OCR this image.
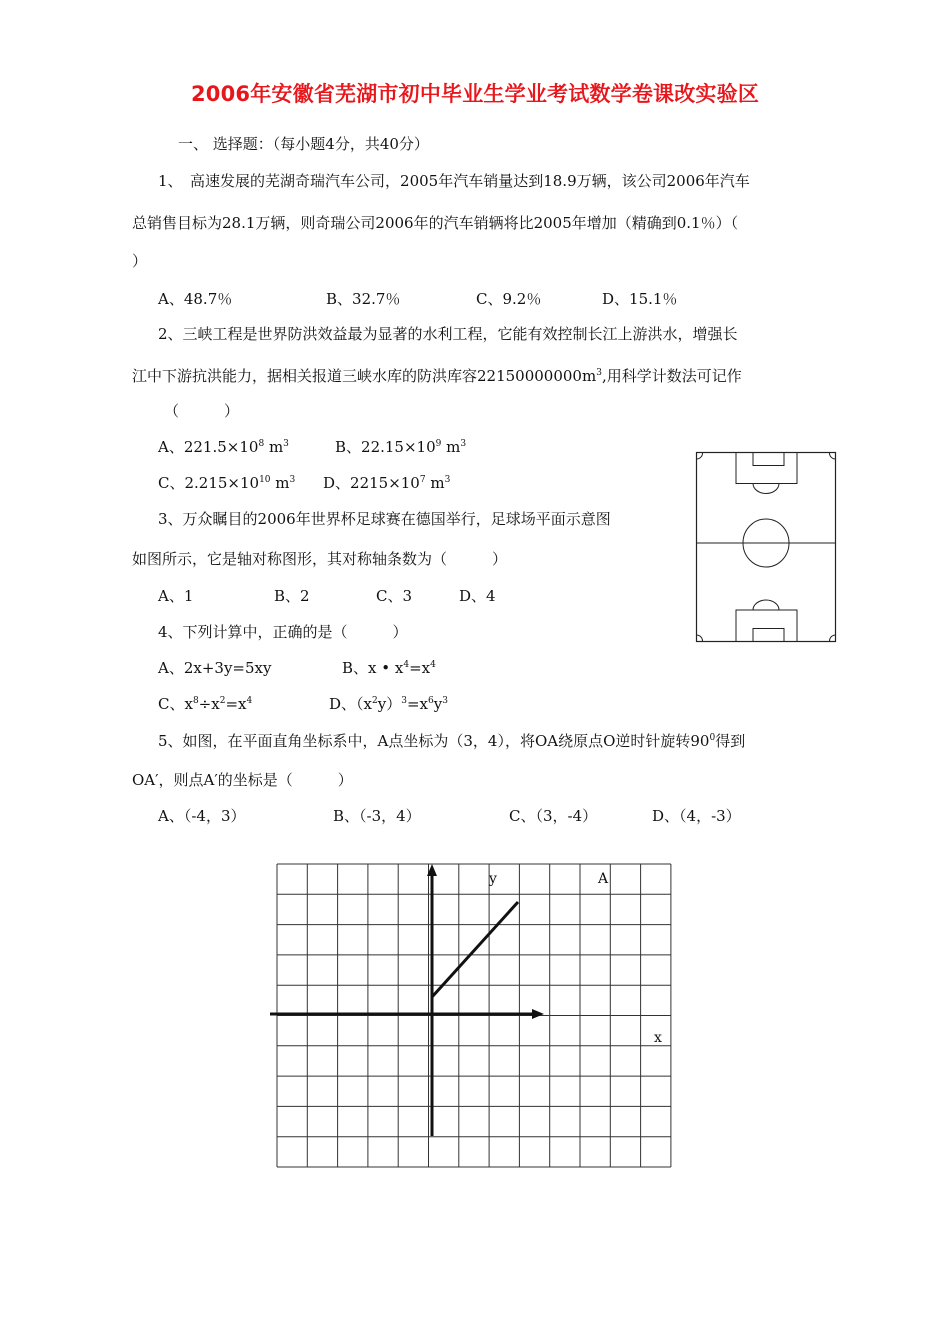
2006年安徽省芜湖市初中毕业生学业考试数学卷课改实验区
一、 选择题：（每小题4分，共40分）
1、　高速发展的芜湖奇瑞汽车公司，2005年汽车销量达到18.9万辆，该公司2006年汽车
总销售目标为28.1万辆，则奇瑞公司2006年的汽车销辆将比2005年增加（精确到0.1％）（
）
A、48.7％	B、32.7％	C、9.2％	D、15.1％
2、三峡工程是世界防洪效益最为显著的水利工程，它能有效控制长江上游洪水，增强长
江中下游抗洪能力，据相关报道三峡水库的防洪库容$22150000000m^3$,用科学计数法可记作
（　　　）
A、$221.5\times 10^8$ $m^3$	B、$22.15\times 10^9$ $m^3$
C、$2.215\times 10^{10}$ $m^3$ D、$2215\times 10^7$ $m^3$
3、万众瞩目的2006年世界杯足球赛在德国举行，足球场平面示意图
如图所示，它是轴对称图形，其对称轴条数为（　　　）
A、1	B、2	C、3	D、4
4、下列计算中，正确的是（　　　）
A、2x+3y=5xy	B、x • $x^4=x^4$
C、$x^8\div x^2=x^4$	D、$(x^2y)^3=x^6y^3$
5、如图，在平面直角坐标系中，A点坐标为（3，4），将OA绕原点O逆时针旋转$90^0$得到
OA′，则点A′的坐标是（　　　）
A、（-4，3）	B、（-3，4）	C、（3，-4）	D、（4，-3）
y
x
A
